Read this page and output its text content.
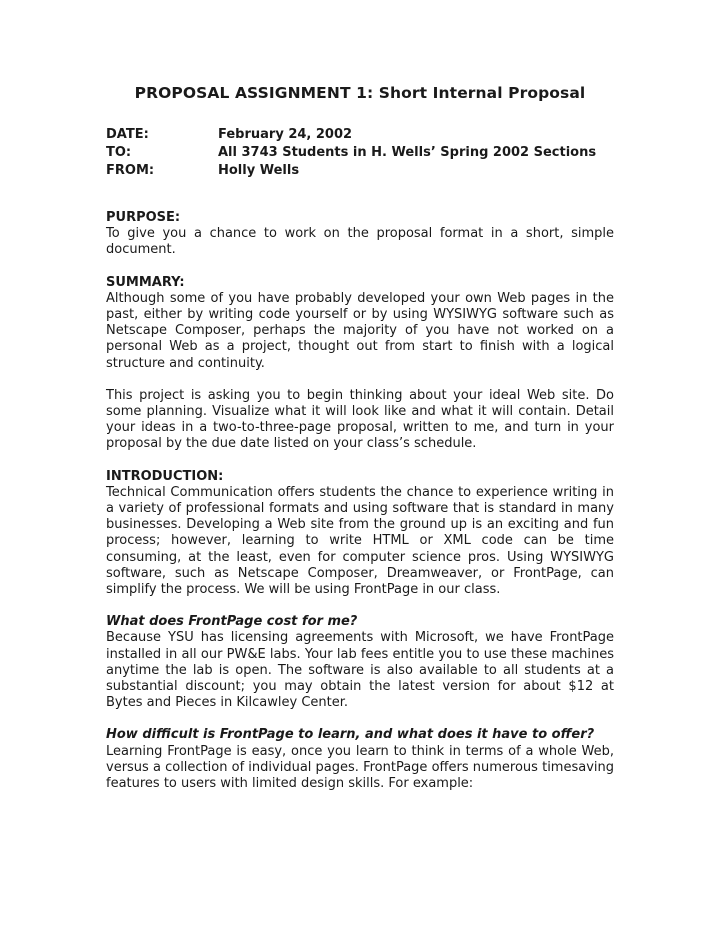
PROPOSAL ASSIGNMENT 1: Short Internal Proposal
DATE:	February 24, 2002
TO:	All 3743 Students in H. Wells’ Spring 2002 Sections
FROM:	Holly Wells
PURPOSE:

To give you a chance to work on the proposal format in a short, simple document.

SUMMARY:

Although some of you have probably developed your own Web pages in the past, either by writing code yourself or by using WYSIWYG software such as Netscape Composer, perhaps the majority of you have not worked on a personal Web as a project, thought out from start to finish with a logical structure and continuity.

This project is asking you to begin thinking about your ideal Web site. Do some planning. Visualize what it will look like and what it will contain. Detail your ideas in a two-to-three-page proposal, written to me, and turn in your proposal by the due date listed on your class’s schedule.

INTRODUCTION:

Technical Communication offers students the chance to experience writing in a variety of professional formats and using software that is standard in many businesses. Developing a Web site from the ground up is an exciting and fun process; however, learning to write HTML or XML code can be time consuming, at the least, even for computer science pros. Using WYSIWYG software, such as Netscape Composer, Dreamweaver, or FrontPage, can simplify the process. We will be using FrontPage in our class.

What does FrontPage cost for me?

Because YSU has licensing agreements with Microsoft, we have FrontPage installed in all our PW&E labs. Your lab fees entitle you to use these machines anytime the lab is open. The software is also available to all students at a substantial discount; you may obtain the latest version for about $12 at Bytes and Pieces in Kilcawley Center.

How difficult is FrontPage to learn, and what does it have to offer?

Learning FrontPage is easy, once you learn to think in terms of a whole Web, versus a collection of individual pages. FrontPage offers numerous timesaving features to users with limited design skills. For example:
